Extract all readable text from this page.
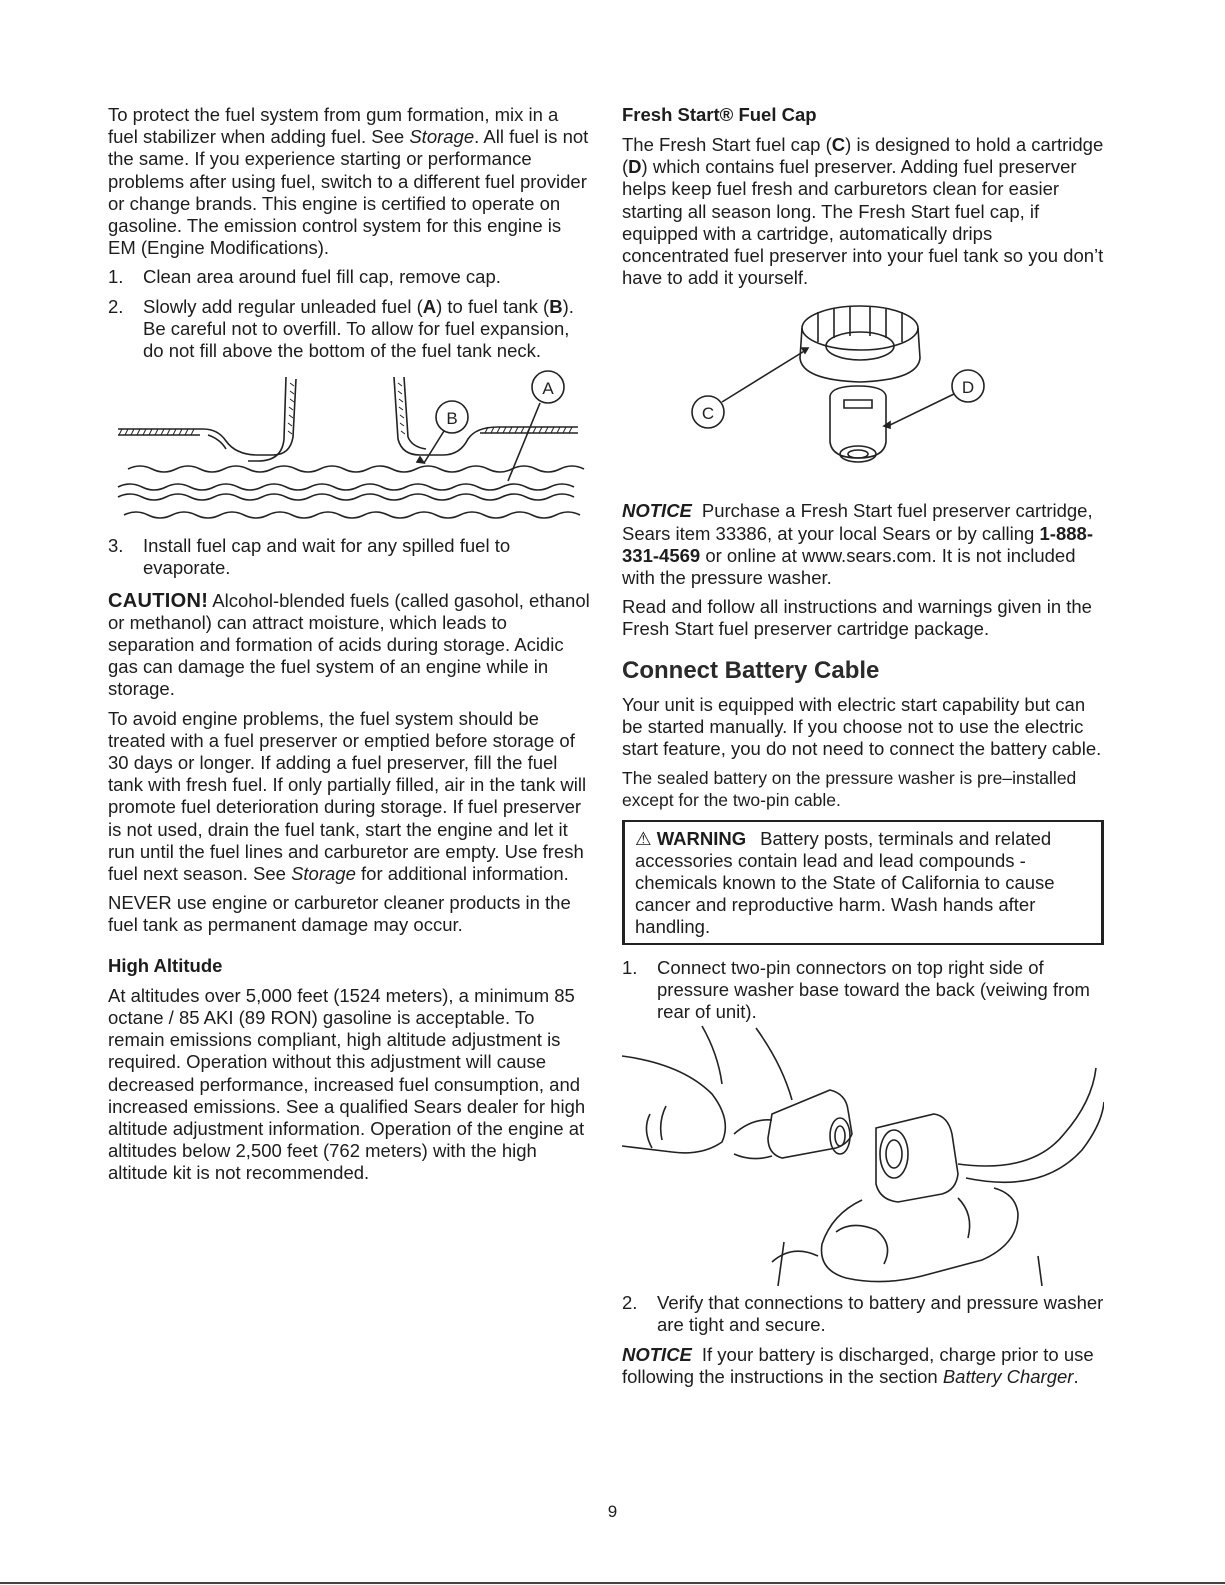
To protect the fuel system from gum formation, mix in a fuel stabilizer when adding fuel. See Storage. All fuel is not the same. If you experience starting or performance problems after using fuel, switch to a different fuel provider or change brands. This engine is certified to operate on gasoline. The emission control system for this engine is EM (Engine Modifications).

1.	Clean area around fuel fill cap, remove cap.

2.	Slowly add regular unleaded fuel (A) to fuel tank (B). Be careful not to overfill. To allow for fuel expansion, do not fill above the bottom of the fuel tank neck.

B
A
3.	Install fuel cap and wait for any spilled fuel to evaporate.

CAUTION! Alcohol-blended fuels (called gasohol, ethanol or methanol) can attract moisture, which leads to separation and formation of acids during storage. Acidic gas can damage the fuel system of an engine while in storage.

To avoid engine problems, the fuel system should be treated with a fuel preserver or emptied before storage of 30 days or longer. If adding a fuel preserver, fill the fuel tank with fresh fuel. If only partially filled, air in the tank will promote fuel deterioration during storage. If fuel preserver is not used, drain the fuel tank, start the engine and let it run until the fuel lines and carburetor are empty. Use fresh fuel next season. See Storage for additional information.

NEVER use engine or carburetor cleaner products in the fuel tank as permanent damage may occur.

High Altitude

At altitudes over 5,000 feet (1524 meters), a minimum 85 octane / 85 AKI (89 RON) gasoline is acceptable. To remain emissions compliant, high altitude adjustment is required. Operation without this adjustment will cause decreased performance, increased fuel consumption, and increased emissions. See a qualified Sears dealer for high altitude adjustment information. Operation of the engine at altitudes below 2,500 feet (762 meters) with the high altitude kit is not recommended.

Fresh Start® Fuel Cap

The Fresh Start fuel cap (C) is designed to hold a cartridge (D) which contains fuel preserver. Adding fuel preserver helps keep fuel fresh and carburetors clean for easier starting all season long. The Fresh Start fuel cap, if equipped with a cartridge, automatically drips concentrated fuel preserver into your fuel tank so you don’t have to add it yourself.

C
D

NOTICE Purchase a Fresh Start fuel preserver cartridge, Sears item 33386, at your local Sears or by calling 1-888-331-4569 or online at www.sears.com. It is not included with the pressure washer.

Read and follow all instructions and warnings given in the Fresh Start fuel preserver cartridge package.

Connect Battery Cable

Your unit is equipped with electric start capability but can be started manually. If you choose not to use the electric start feature, you do not need to connect the battery cable.

The sealed battery on the pressure washer is pre–installed except for the two-pin cable.

⚠ WARNING Battery posts, terminals and related accessories contain lead and lead compounds - chemicals known to the State of California to cause cancer and reproductive harm. Wash hands after handling.

1.	Connect two-pin connectors on top right side of pressure washer base toward the back (veiwing from rear of unit).

2.	Verify that connections to battery and pressure washer are tight and secure.

NOTICE If your battery is discharged, charge prior to use following the instructions in the section Battery Charger.

9
